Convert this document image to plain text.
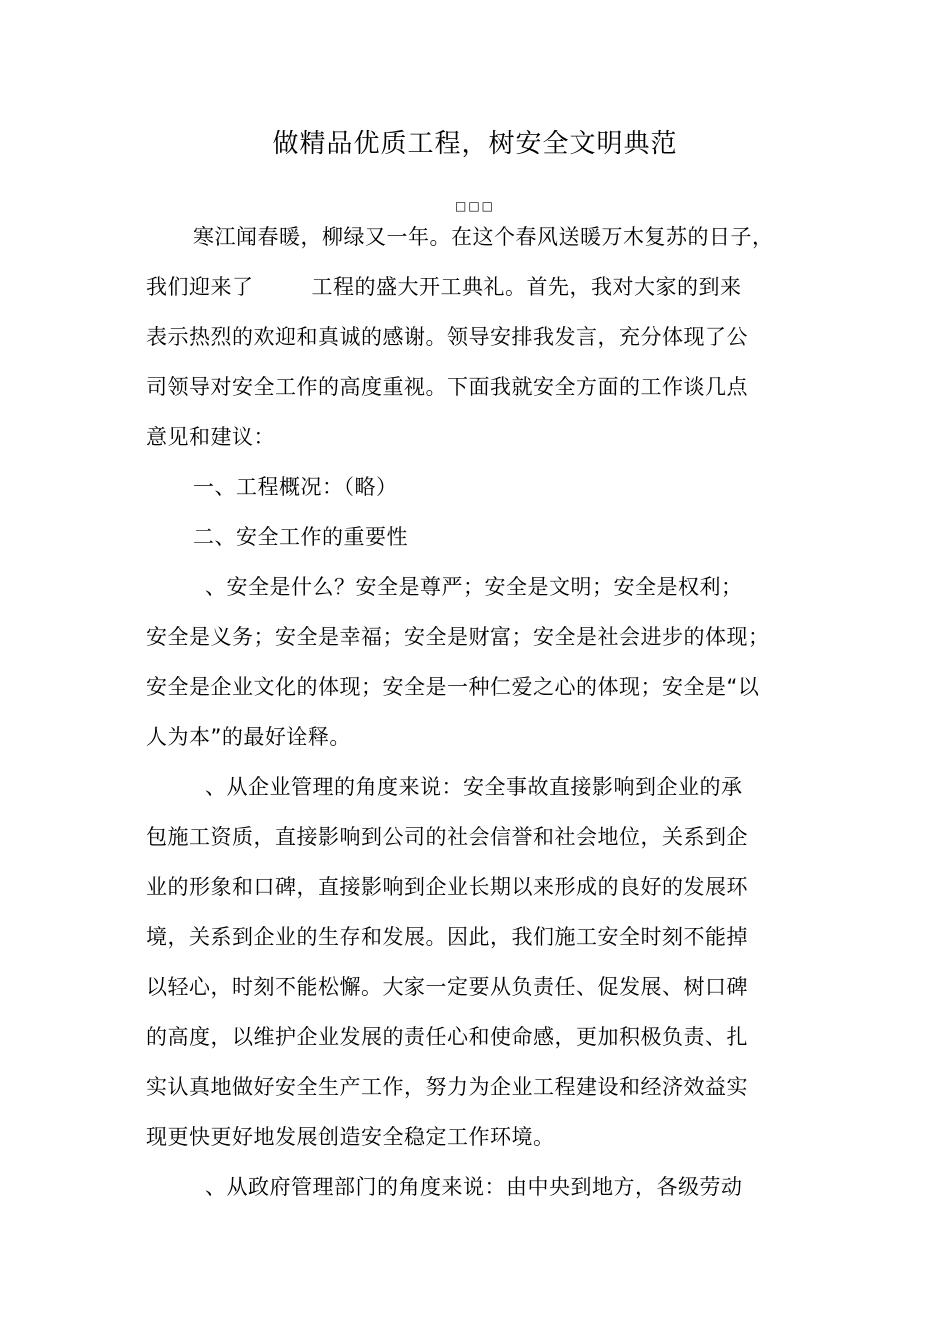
做精品优质工程，树安全文明典范
□□□
寒江闻春暖，柳绿又一年。在这个春风送暖万木复苏的日子，
我们迎来了	工程的盛大开工典礼。首先，我对大家的到来
表示热烈的欢迎和真诚的感谢。领导安排我发言，充分体现了公
司领导对安全工作的高度重视。下面我就安全方面的工作谈几点
意见和建议：
一、工程概况：（略）
二、安全工作的重要性
、安全是什么？安全是尊严；安全是文明；安全是权利；
安全是义务；安全是幸福；安全是财富；安全是社会进步的体现；
安全是企业文化的体现；安全是一种仁爱之心的体现；安全是“以
人为本”的最好诠释。
、从企业管理的角度来说：安全事故直接影响到企业的承
包施工资质，直接影响到公司的社会信誉和社会地位，关系到企
业的形象和口碑，直接影响到企业长期以来形成的良好的发展环
境，关系到企业的生存和发展。因此，我们施工安全时刻不能掉
以轻心，时刻不能松懈。大家一定要从负责任、促发展、树口碑
的高度，以维护企业发展的责任心和使命感，更加积极负责、扎
实认真地做好安全生产工作，努力为企业工程建设和经济效益实
现更快更好地发展创造安全稳定工作环境。
、从政府管理部门的角度来说：由中央到地方，各级劳动
